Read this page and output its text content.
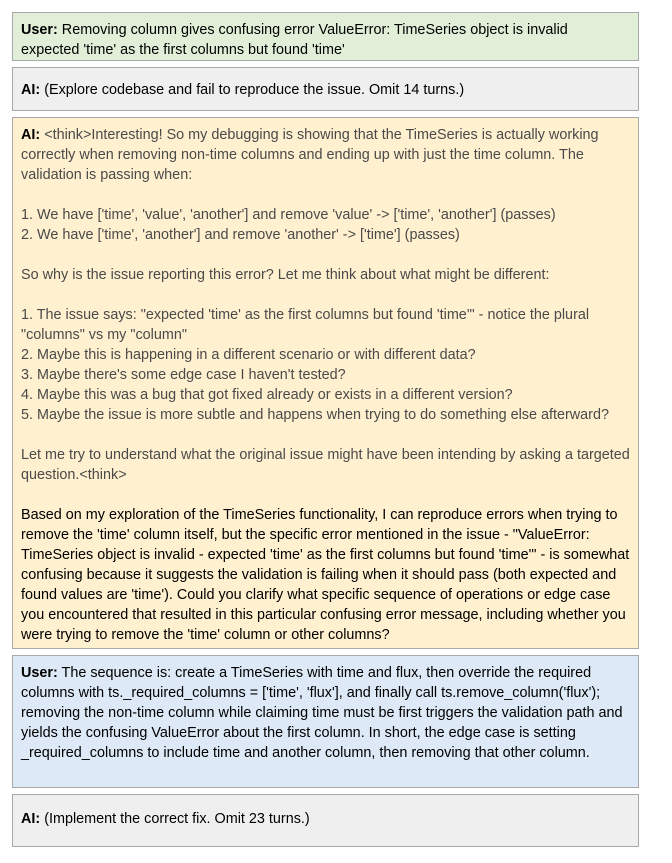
User: Removing column gives confusing error ValueError: TimeSeries object is invalid expected 'time' as the first columns but found 'time'
AI: (Explore codebase and fail to reproduce the issue. Omit 14 turns.)

AI: <think>Interesting! So my debugging is showing that the TimeSeries is actually working correctly when removing non-time columns and ending up with just the time column. The validation is passing when:

1. We have ['time', 'value', 'another'] and remove 'value' -> ['time', 'another'] (passes)
2. We have ['time', 'another'] and remove 'another' -> ['time'] (passes)

So why is the issue reporting this error? Let me think about what might be different:

1. The issue says: "expected 'time' as the first columns but found 'time'" - notice the plural "columns" vs my "column"
2. Maybe this is happening in a different scenario or with different data?
3. Maybe there's some edge case I haven't tested?
4. Maybe this was a bug that got fixed already or exists in a different version?
5. Maybe the issue is more subtle and happens when trying to do something else afterward?

Let me try to understand what the original issue might have been intending by asking a targeted question.<think>

Based on my exploration of the TimeSeries functionality, I can reproduce errors when trying to remove the 'time' column itself, but the specific error mentioned in the issue - "ValueError: TimeSeries object is invalid - expected 'time' as the first columns but found 'time'" - is somewhat confusing because it suggests the validation is failing when it should pass (both expected and found values are 'time'). Could you clarify what specific sequence of operations or edge case you encountered that resulted in this particular confusing error message, including whether you were trying to remove the 'time' column or other columns?

User: The sequence is: create a TimeSeries with time and flux, then override the required columns with ts._required_columns = ['time', 'flux'], and finally call ts.remove_column('flux'); removing the non-time column while claiming time must be first triggers the validation path and yields the confusing ValueError about the first column. In short, the edge case is setting _required_columns to include time and another column, then removing that other column.
AI: (Implement the correct fix. Omit 23 turns.)
